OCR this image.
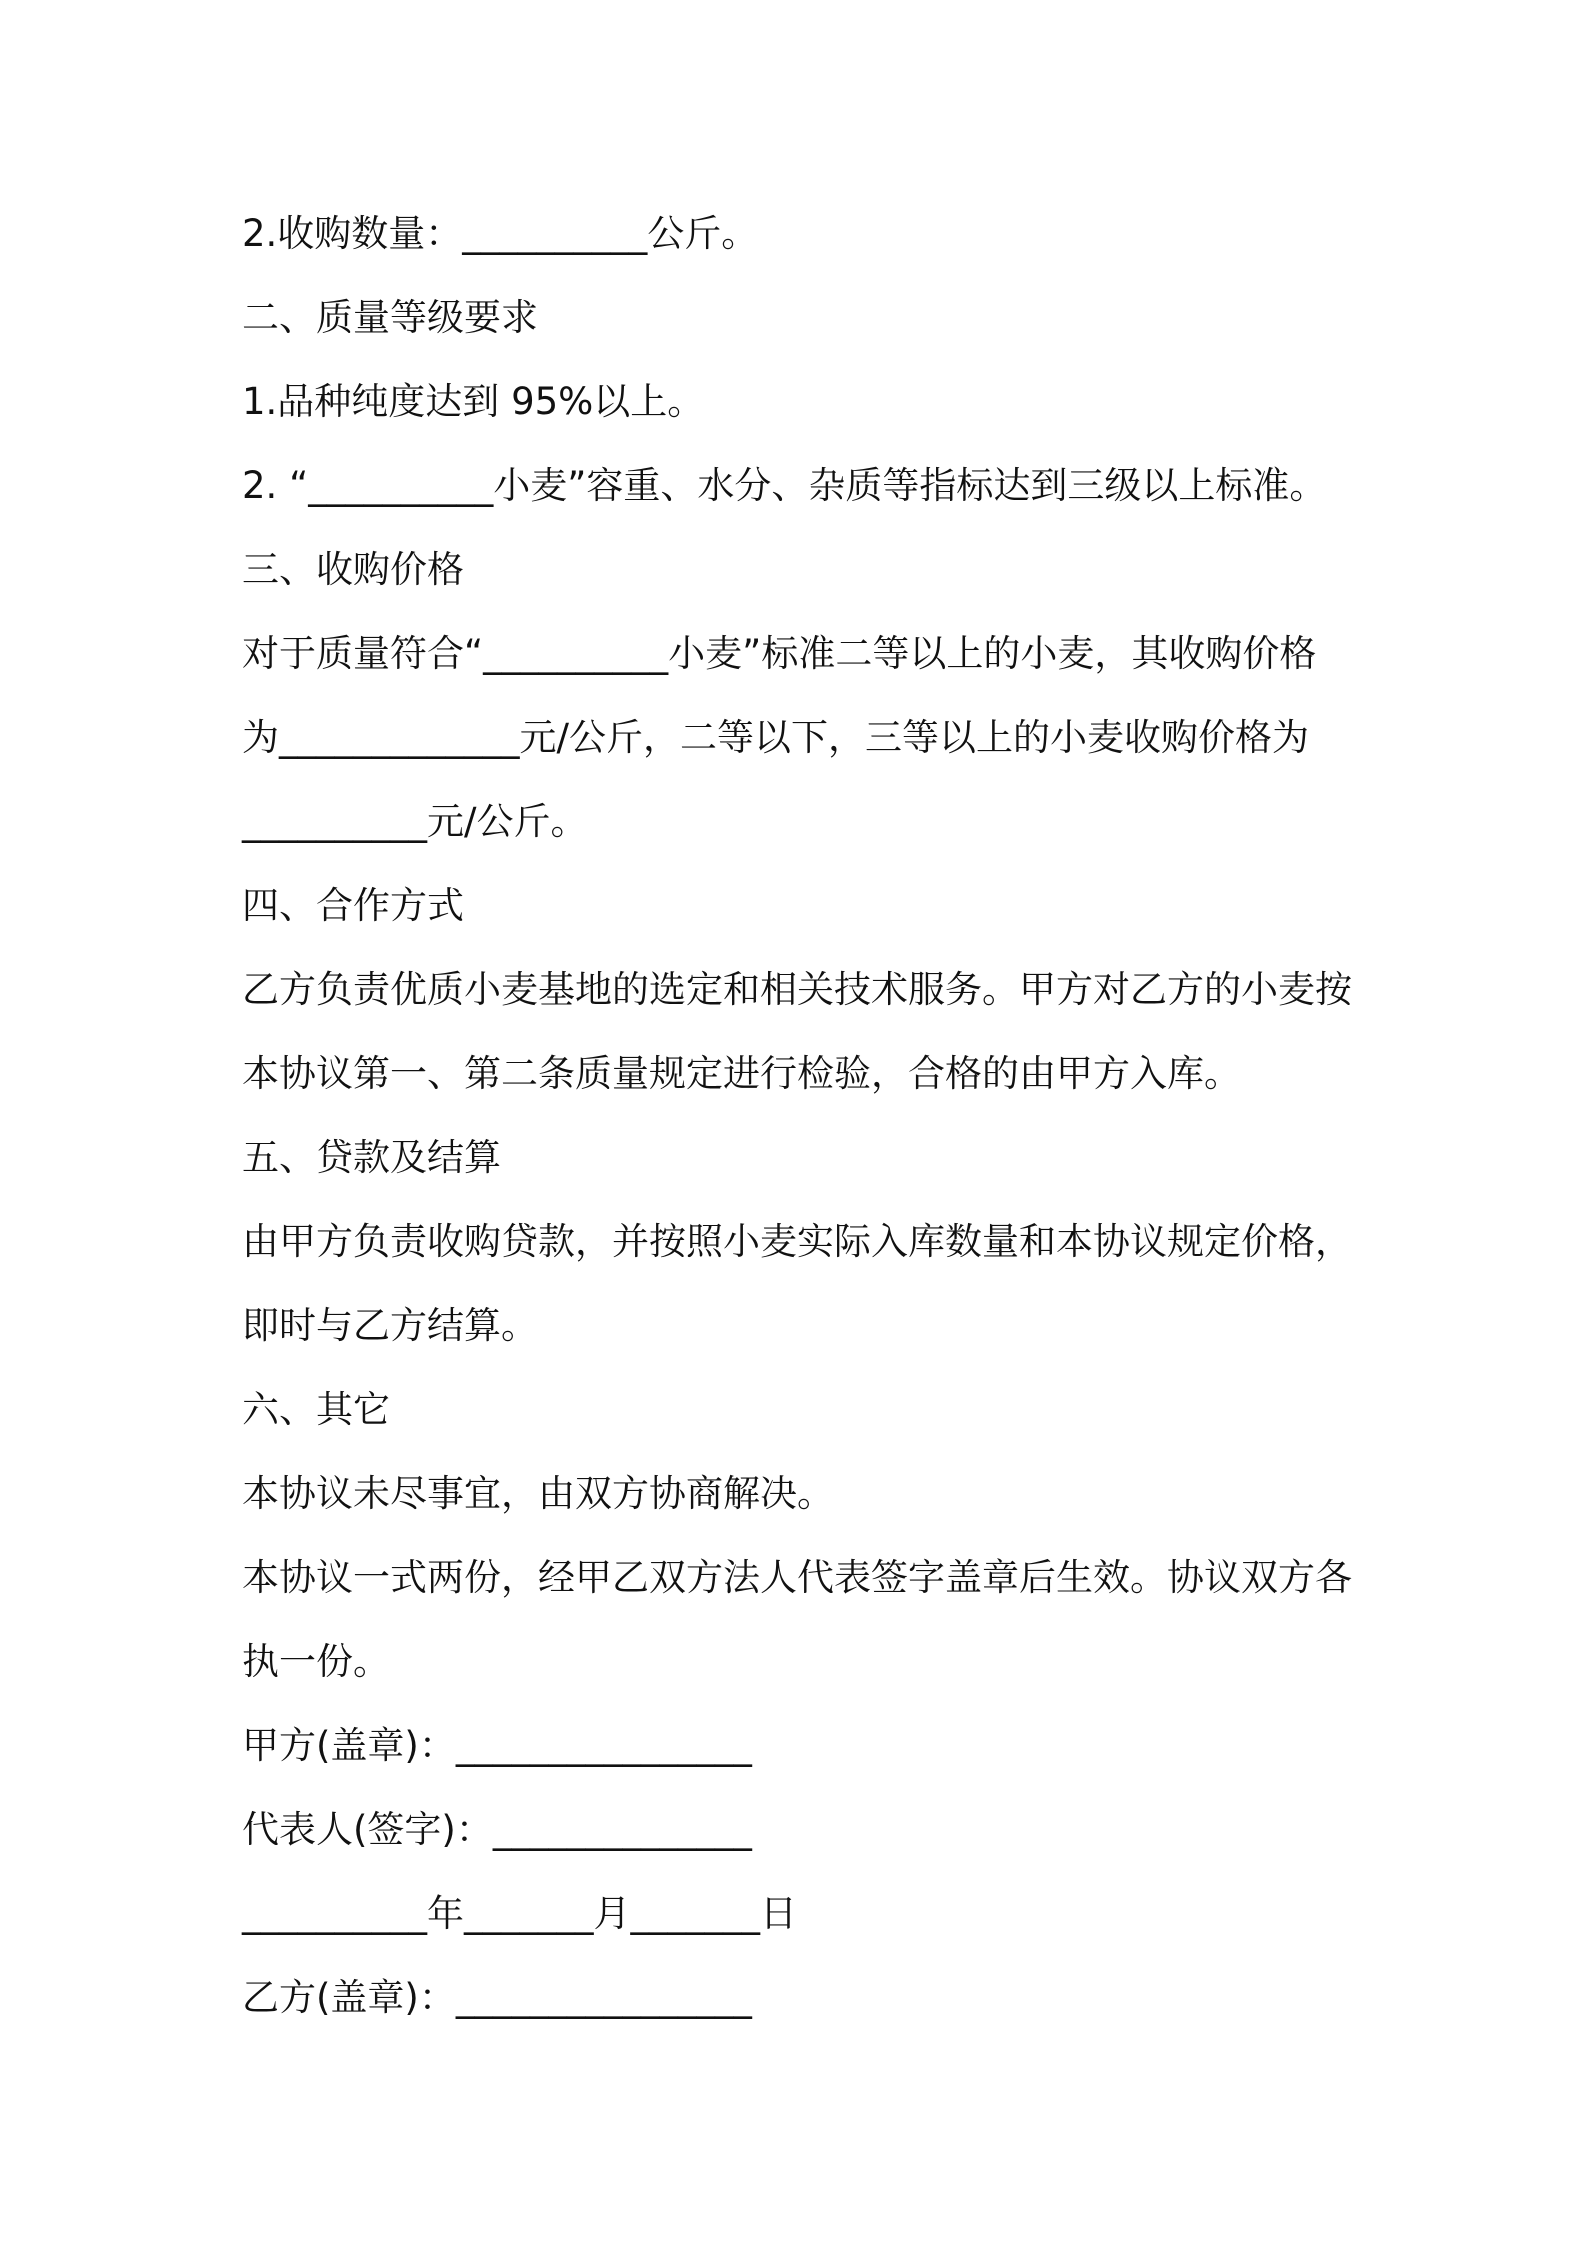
2.收购数量：__________公斤。
二、质量等级要求
1.品种纯度达到 95%以上。
2. “__________小麦”容重、水分、杂质等指标达到三级以上标准。
三、收购价格
对于质量符合“__________小麦”标准二等以上的小麦，其收购价格
为_____________元/公斤，二等以下，三等以上的小麦收购价格为
__________元/公斤。
四、合作方式
乙方负责优质小麦基地的选定和相关技术服务。甲方对乙方的小麦按
本协议第一、第二条质量规定进行检验，合格的由甲方入库。
五、贷款及结算
由甲方负责收购贷款，并按照小麦实际入库数量和本协议规定价格，
即时与乙方结算。
六、其它
本协议未尽事宜，由双方协商解决。
本协议一式两份，经甲乙双方法人代表签字盖章后生效。协议双方各
执一份。
甲方(盖章)：________________
代表人(签字)：______________
__________年_______月_______日
乙方(盖章)：________________
